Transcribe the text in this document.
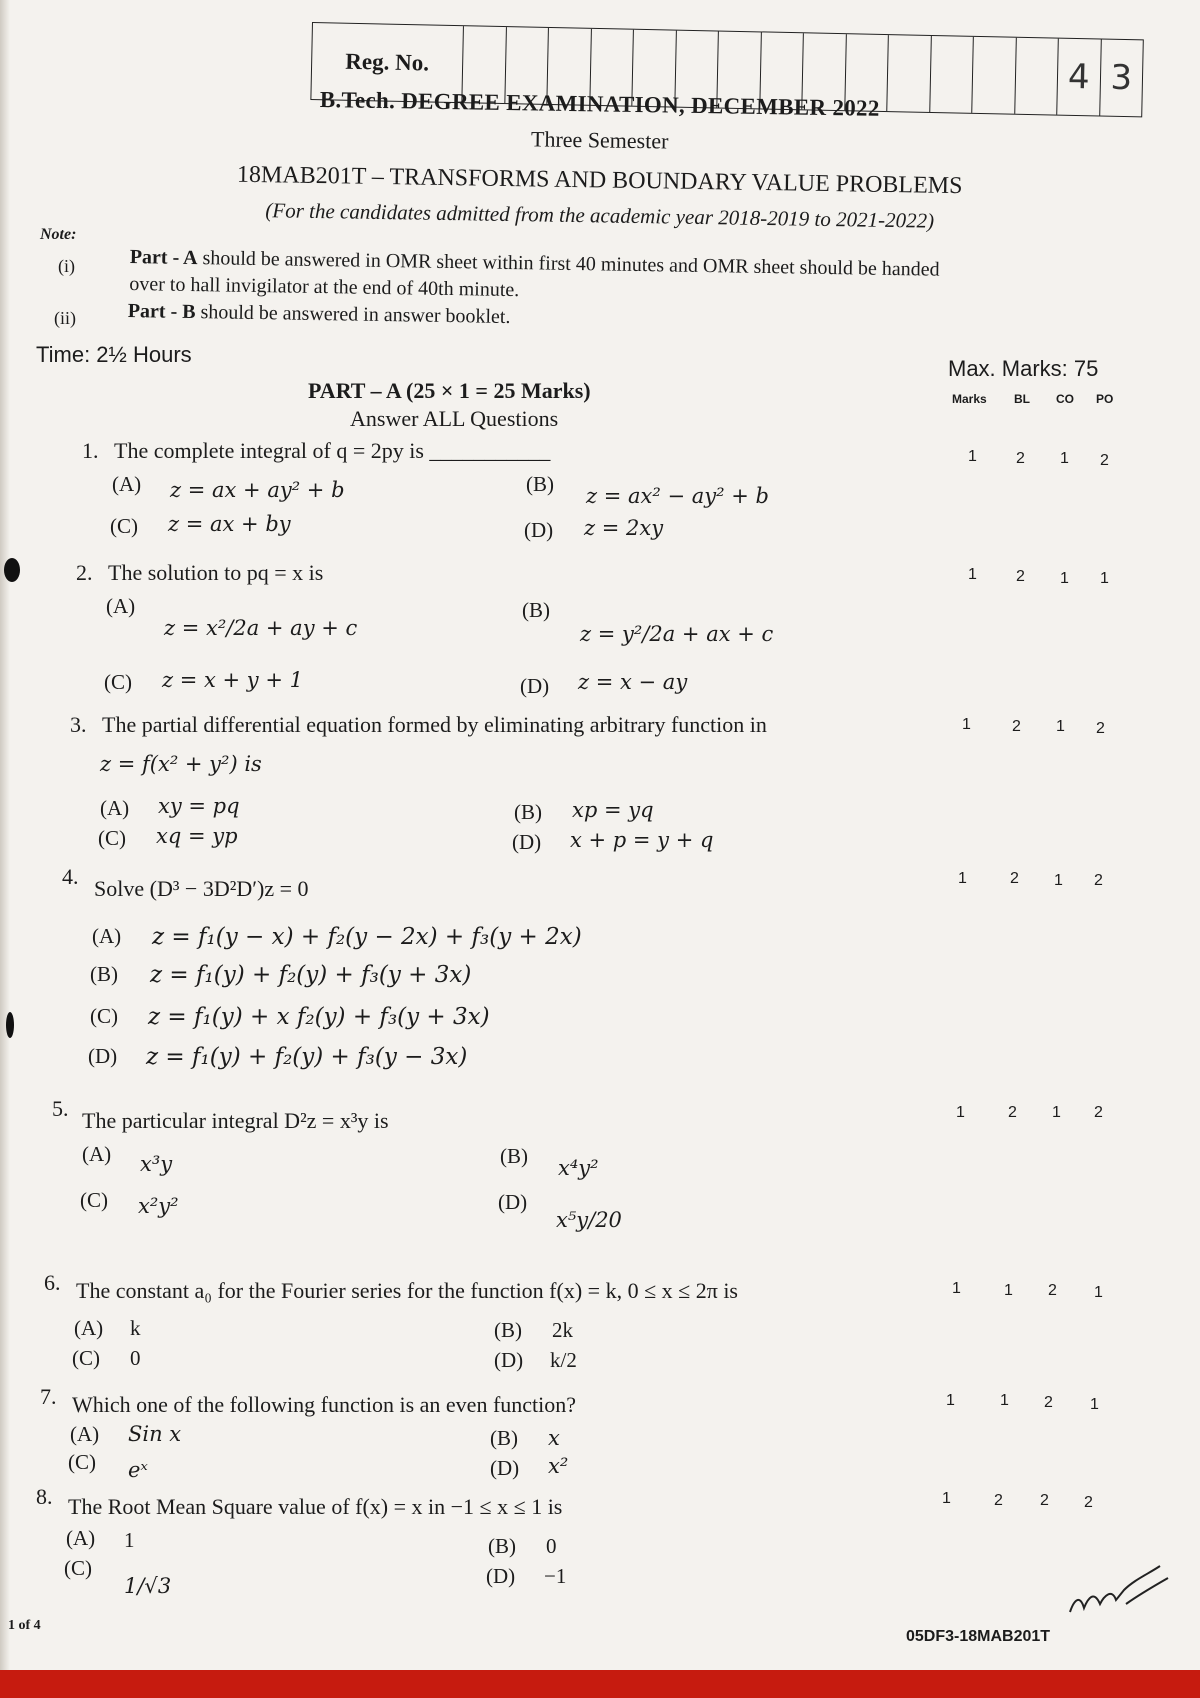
Reg. No.	4 3
B.Tech. DEGREE EXAMINATION, DECEMBER 2022
Three Semester
18MAB201T – TRANSFORMS AND BOUNDARY VALUE PROBLEMS
(For the candidates admitted from the academic year 2018-2019 to 2021-2022)
Note:
(i)	Part - A should be answered in OMR sheet within first 40 minutes and OMR sheet should be handed
over to hall invigilator at the end of 40th minute.
(ii)	Part - B should be answered in answer booklet.
Time: 2½ Hours
Max. Marks: 75
Marks BL CO PO
PART – A (25 × 1 = 25 Marks)
Answer ALL Questions
1. The complete integral of q = 2py is ___________
(A) z = ax + ay² + b	(B) z = ax² − ay² + b
(C) z = ax + by	(D) z = 2xy
1 2 1 2
2. The solution to pq = x is
(A)
z = x²/2a + ay + c
(B)
z = y²/2a + ax + c
(C) z = x + y + 1	(D) z = x − ay
1 2 1 1
3. The partial differential equation formed by eliminating arbitrary function in
z = f(x² + y²) is
(A) xy = pq	(B) xp = yq
(C) xq = yp	(D) x + p = y + q
1	2 1 2
4. Solve (D³ − 3D²D′)z = 0
(A) z = f₁(y − x) + f₂(y − 2x) + f₃(y + 2x)
(B) z = f₁(y) + f₂(y) + f₃(y + 3x)
(C) z = f₁(y) + x f₂(y) + f₃(y + 3x)
(D) z = f₁(y) + f₂(y) + f₃(y − 3x)
1	2 1 2
5. The particular integral D²z = x³y is
(A) x³y	(B) x⁴y²
(C) x²y²	(D)
x⁵y/20
1	2 1 2
6. The constant a₀ for the Fourier series for the function f(x) = k, 0 ≤ x ≤ 2π is
(A) k	(B) 2k
(C) 0	(D) k/2
1	1 2 1
7. Which one of the following function is an even function?
(A) Sin x	(B) x
(C) eˣ	(D) x²
1	1 2 1
8. The Root Mean Square value of f(x) = x in −1 ≤ x ≤ 1 is
(A) 1	(B) 0
(C)
1/√3	(D) −1
1	2 2 2
1 of 4
05DF3-18MAB201T
